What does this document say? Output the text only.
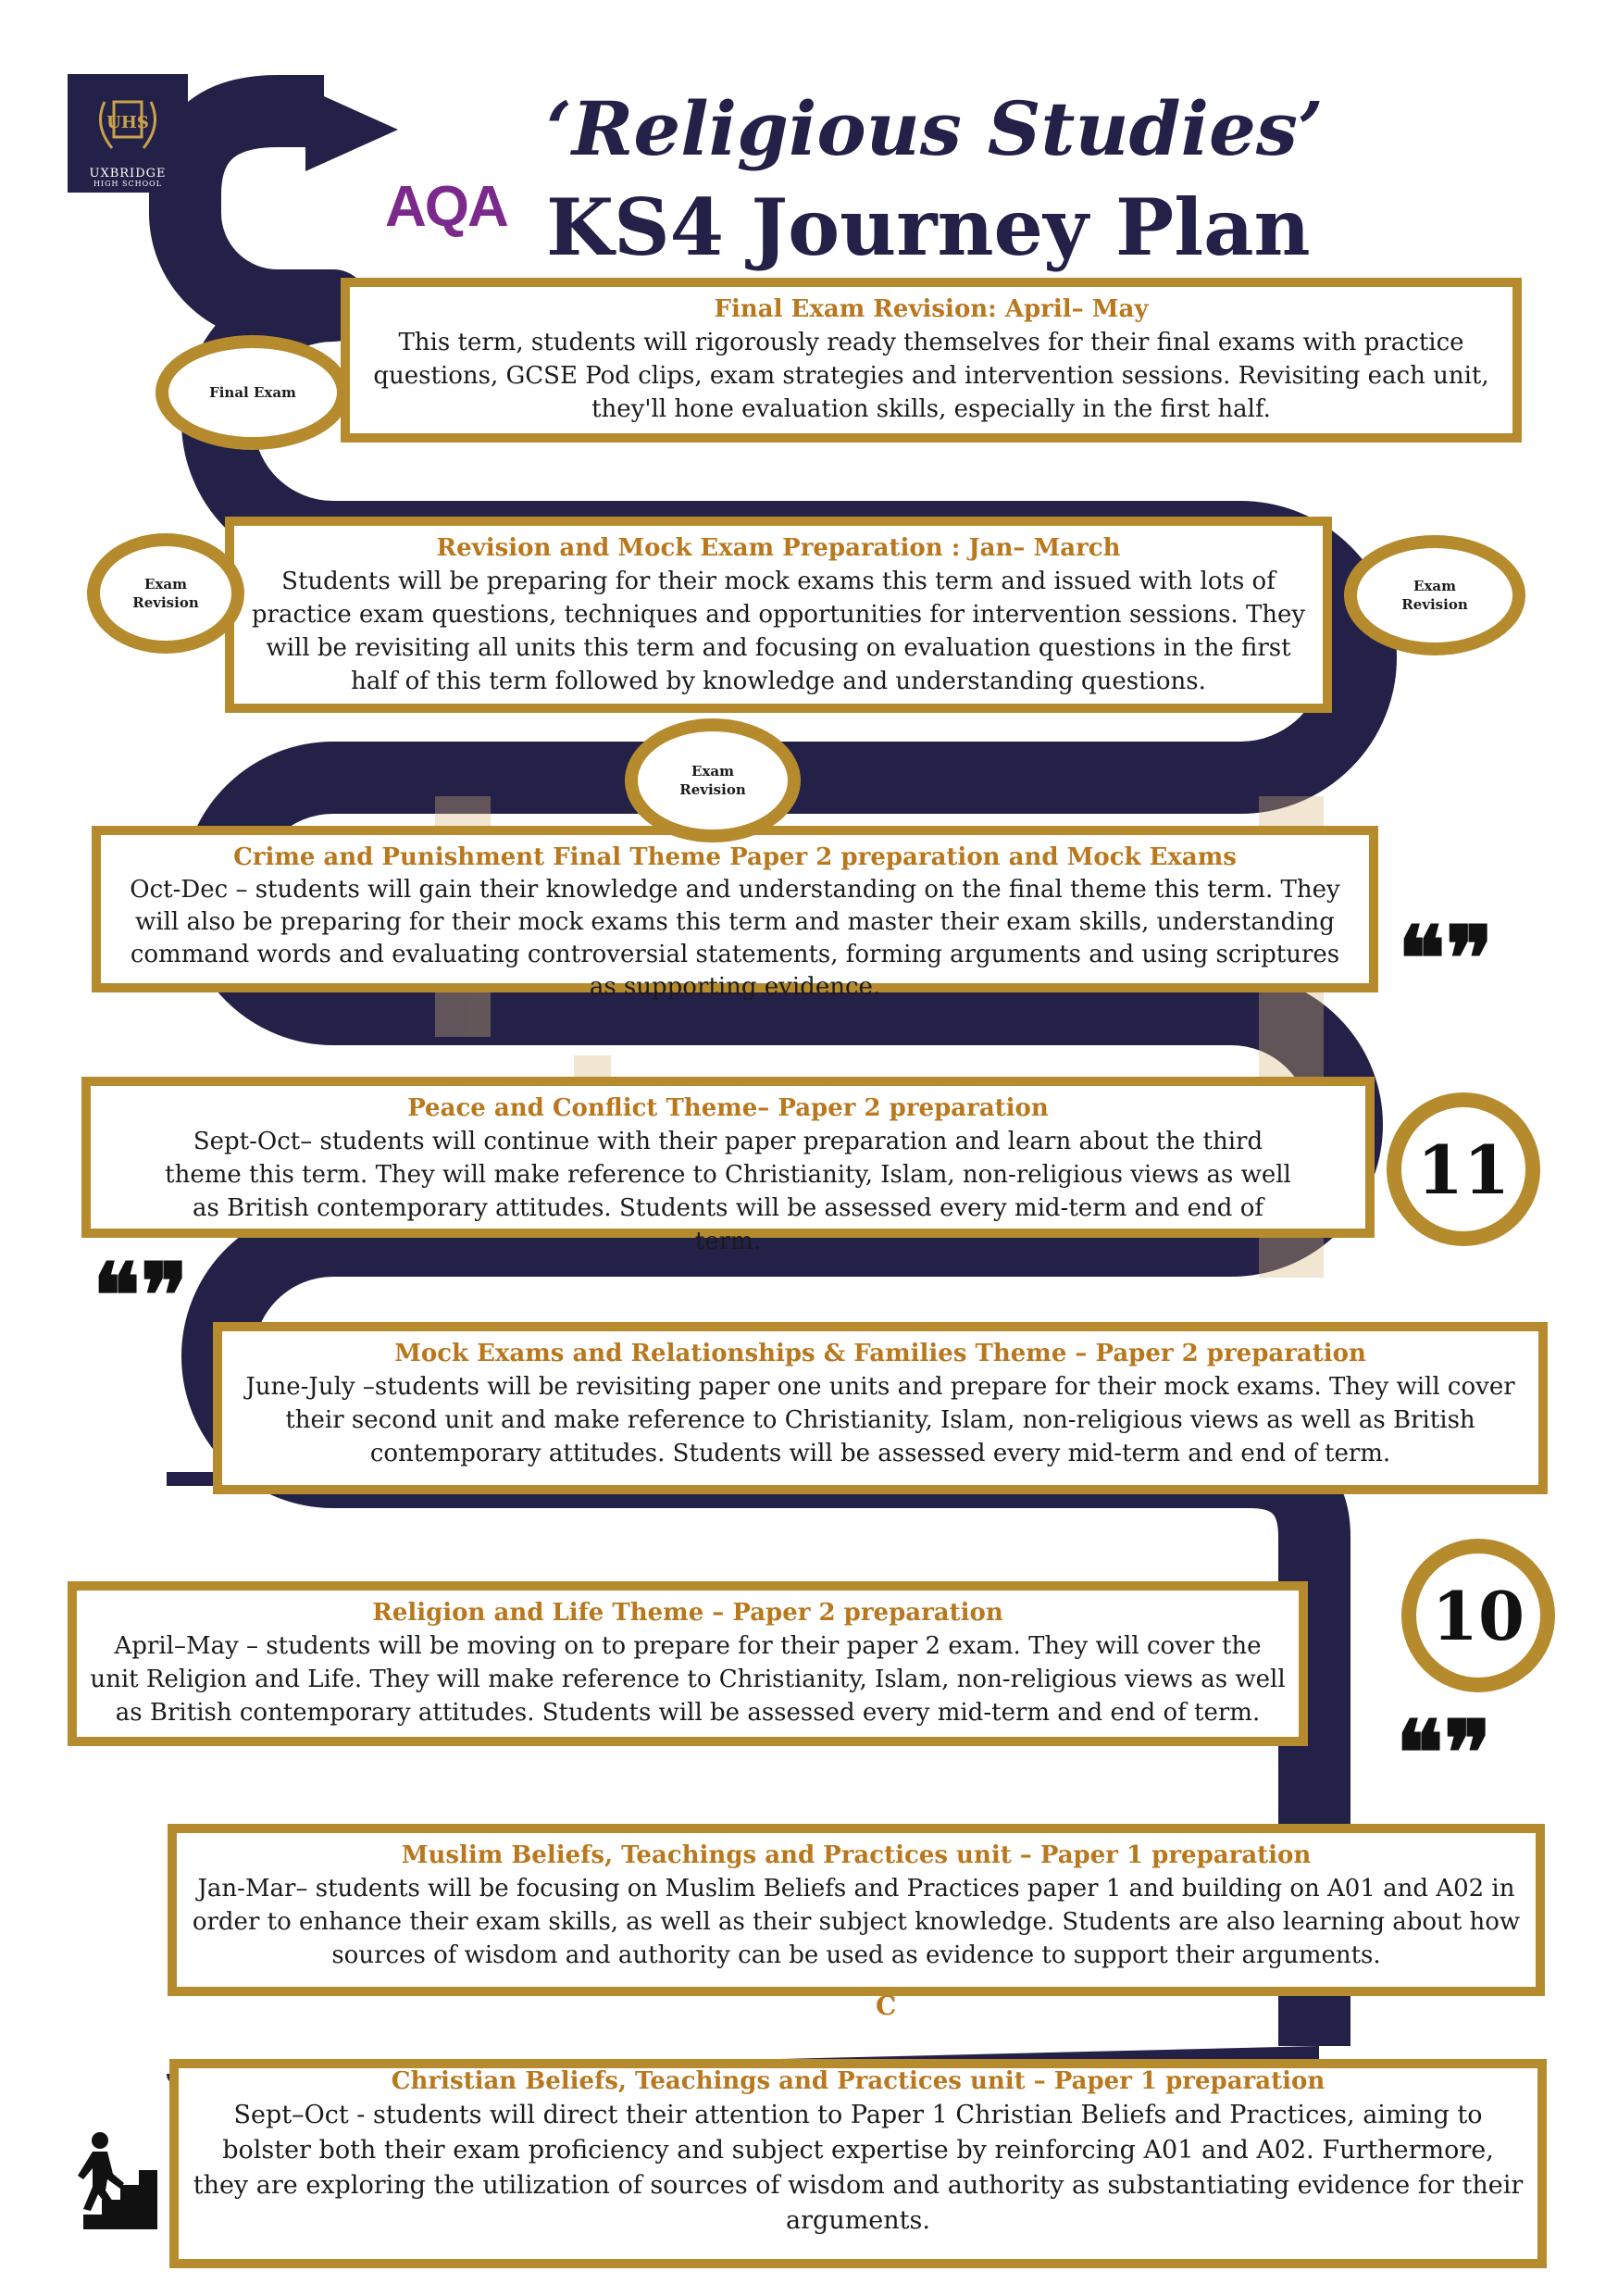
UHS
UXBRIDGE
HIGH SCHOOL	AQA
‘Religious Studies’
KS4 Journey Plan
Final Exam Revision: April– May

This term, students will rigorously ready themselves for their final exams with practice questions, GCSE Pod clips, exam strategies and intervention sessions. Revisiting each unit, they'll hone evaluation skills, especially in the first half.

Revision and Mock Exam Preparation : Jan– March

Students will be preparing for their mock exams this term and issued with lots of practice exam questions, techniques and opportunities for intervention sessions. They will be revisiting all units this term and focusing on evaluation questions in the first half of this term followed by knowledge and understanding questions.

Crime and Punishment Final Theme Paper 2 preparation and Mock Exams

Oct-Dec – students will gain their knowledge and understanding on the final theme this term. They will also be preparing for their mock exams this term and master their exam skills, understanding command words and evaluating controversial statements, forming arguments and using scriptures as supporting evidence.

Peace and Conflict Theme– Paper 2 preparation

Sept-Oct– students will continue with their paper preparation and learn about the third theme this term. They will make reference to Christianity, Islam, non-religious views as well as British contemporary attitudes. Students will be assessed every mid-term and end of term.

Mock Exams and Relationships & Families Theme – Paper 2 preparation

June-July –students will be revisiting paper one units and prepare for their mock exams. They will cover their second unit and make reference to Christianity, Islam, non-religious views as well as British contemporary attitudes. Students will be assessed every mid-term and end of term.

Religion and Life Theme – Paper 2 preparation

April–May – students will be moving on to prepare for their paper 2 exam. They will cover the unit Religion and Life. They will make reference to Christianity, Islam, non-religious views as well as British contemporary attitudes. Students will be assessed every mid-term and end of term.

Muslim Beliefs, Teachings and Practices unit – Paper 1 preparation

Jan-Mar– students will be focusing on Muslim Beliefs and Practices paper 1 and building on A01 and A02 in order to enhance their exam skills, as well as their subject knowledge. Students are also learning about how sources of wisdom and authority can be used as evidence to support their arguments.

C
Christian Beliefs, Teachings and Practices unit – Paper 1 preparation

Sept–Oct - students will direct their attention to Paper 1 Christian Beliefs and Practices, aiming to bolster both their exam proficiency and subject expertise by reinforcing A01 and A02. Furthermore, they are exploring the utilization of sources of wisdom and authority as substantiating evidence for their arguments.

Final Exam
Exam Revision
Exam Revision
Exam Revision
11
10
❝❞
❝❞
❝❞
